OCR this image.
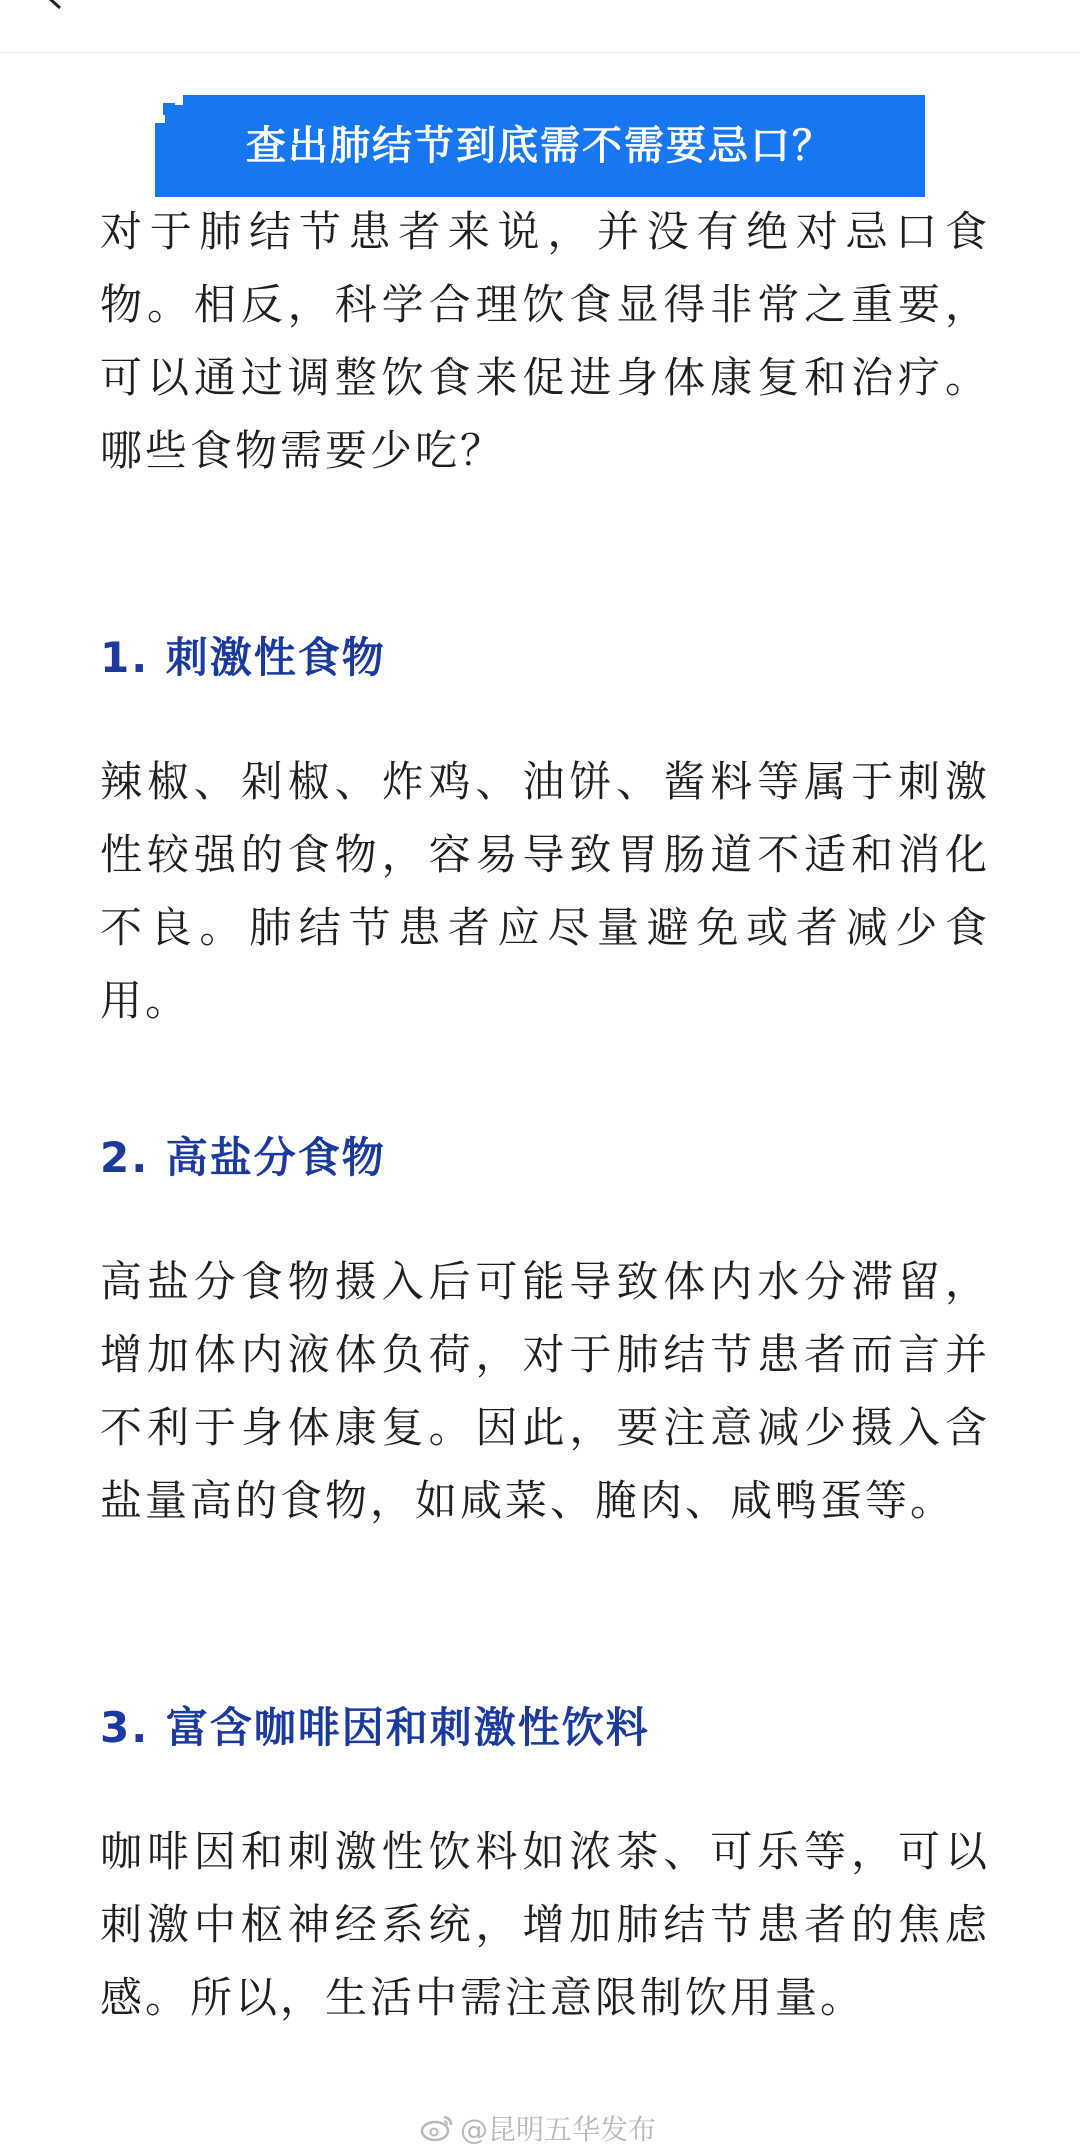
查出肺结节到底需不需要忌口？

对于肺结节患者来说，并没有绝对忌口食物。相反，科学合理饮食显得非常之重要，可以通过调整饮食来促进身体康复和治疗。哪些食物需要少吃？

1. 刺激性食物

辣椒、剁椒、炸鸡、油饼、酱料等属于刺激性较强的食物，容易导致胃肠道不适和消化不良。肺结节患者应尽量避免或者减少食用。

2. 高盐分食物

高盐分食物摄入后可能导致体内水分滞留，增加体内液体负荷，对于肺结节患者而言并不利于身体康复。因此，要注意减少摄入含盐量高的食物，如咸菜、腌肉、咸鸭蛋等。

3. 富含咖啡因和刺激性饮料

咖啡因和刺激性饮料如浓茶、可乐等，可以刺激中枢神经系统，增加肺结节患者的焦虑感。所以，生活中需注意限制饮用量。

@昆明五华发布
